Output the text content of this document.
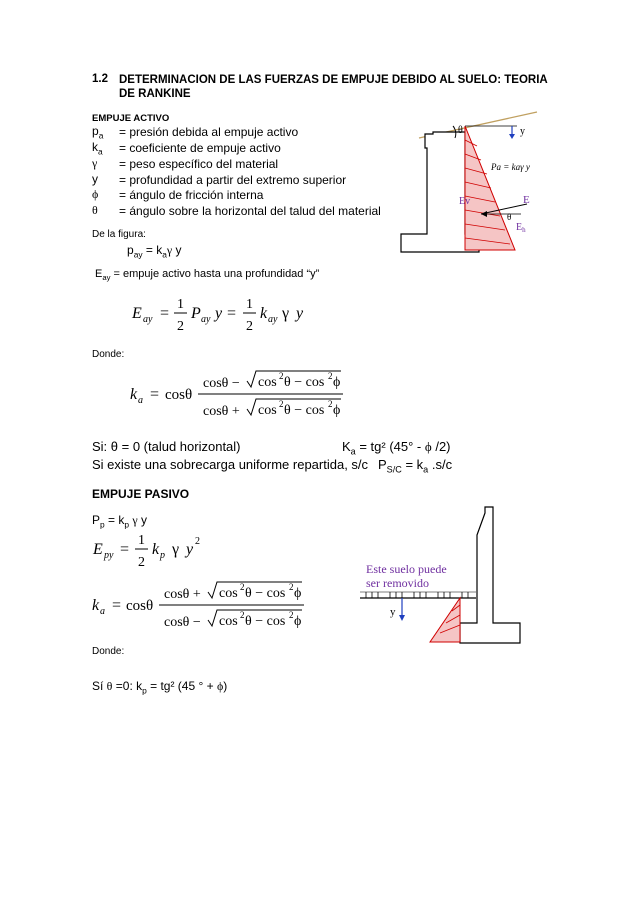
1.2 DETERMINACION DE LAS FUERZAS DE EMPUJE DEBIDO AL SUELO: TEORIA DE RANKINE
EMPUJE ACTIVO
$p_a$ = presión debida al empuje activo
$k_a$ = coeficiente de empuje activo
γ = peso específico del material
y = profundidad a partir del extremo superior
ϕ = ángulo de fricción interna
θ = ángulo sobre la horizontal del talud del material
De la figura:
$p_{ay} = k_a\gamma$ y
$E_{ay}$ = empuje activo hasta una profundidad “y”
E ay =
1
2
P ay y =
1
2
k ay γ y
Donde:
k a = cosθ
cosθ − cos 2 θ − cos 2 ϕ
cosθ + cos 2 θ − cos 2 ϕ
Si: θ = 0 (talud horizontal)	$K_a = tg^2$ (45° - ϕ /2)
Si existe una sobrecarga uniforme repartida, s/c $P_{S/C} = k_a$ .s/c
EMPUJE PASIVO
$P_p = k_p$ γ y
E py =
1
2
k p γ y 2
k a = cosθ
cosθ + cos 2 θ − cos 2 ϕ
cosθ − cos 2 θ − cos 2 ϕ
Donde:
Sí θ =0: $k_p = tg^2$ (45 ° + ϕ)
θ	y
Pa = kaγ y
Ev	E
θ
$E_h$
Este suelo puede
ser removido
y
